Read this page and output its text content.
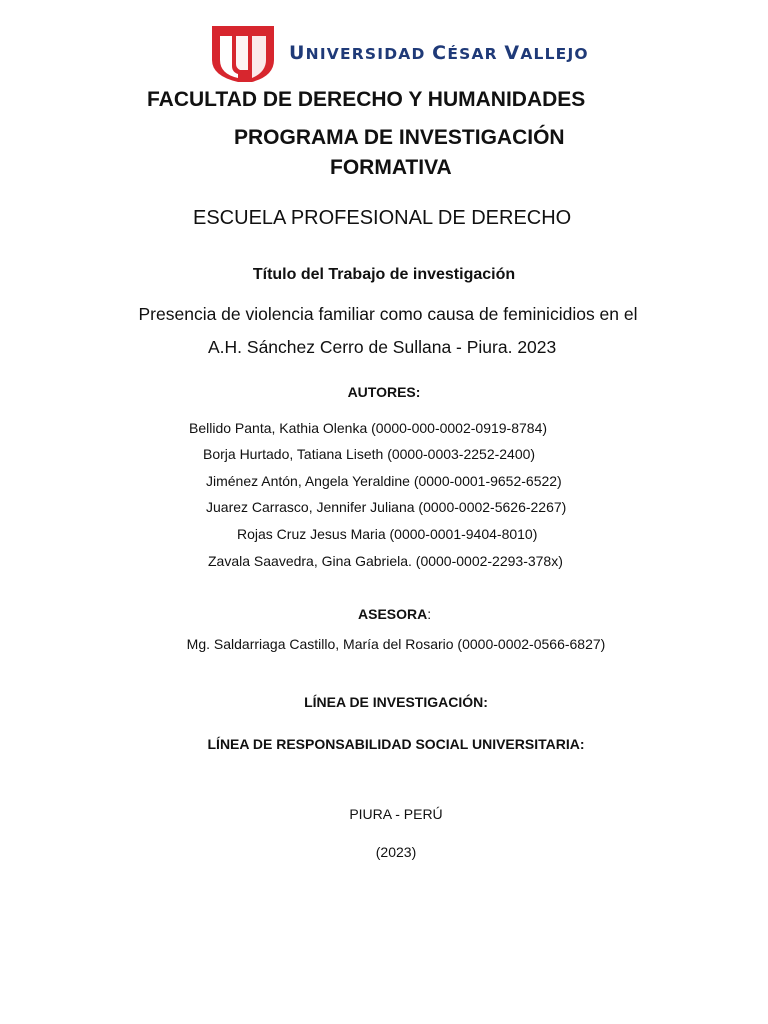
UNIVERSIDAD CÉSAR VALLEJO
FACULTAD DE DERECHO Y HUMANIDADES
PROGRAMA DE INVESTIGACIÓN
FORMATIVA
ESCUELA PROFESIONAL DE DERECHO
Título del Trabajo de investigación
Presencia de violencia familiar como causa de feminicidios en el
A.H. Sánchez Cerro de Sullana - Piura. 2023
AUTORES:
Bellido Panta, Kathia Olenka (0000-000-0002-0919-8784)
Borja Hurtado, Tatiana Liseth (0000-0003-2252-2400)
Jiménez Antón, Angela Yeraldine (0000-0001-9652-6522)
Juarez Carrasco, Jennifer Juliana (0000-0002-5626-2267)
Rojas Cruz Jesus Maria (0000-0001-9404-8010)
Zavala Saavedra, Gina Gabriela. (0000-0002-2293-378x)
ASESORA:
Mg. Saldarriaga Castillo, María del Rosario (0000-0002-0566-6827)
LÍNEA DE INVESTIGACIÓN:
LÍNEA DE RESPONSABILIDAD SOCIAL UNIVERSITARIA:
PIURA - PERÚ
(2023)
